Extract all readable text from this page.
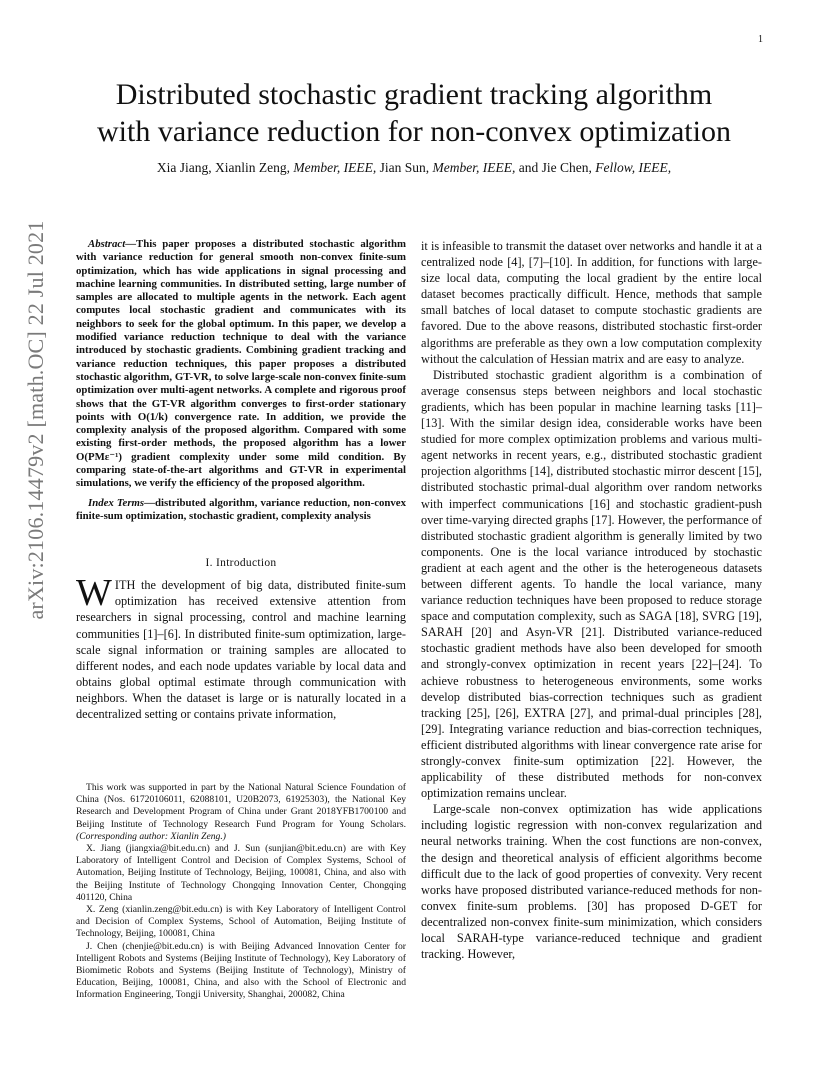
1
arXiv:2106.14479v2 [math.OC] 22 Jul 2021
Distributed stochastic gradient tracking algorithm
with variance reduction for non-convex optimization
Xia Jiang, Xianlin Zeng, Member, IEEE, Jian Sun, Member, IEEE, and Jie Chen, Fellow, IEEE,

Abstract—This paper proposes a distributed stochastic algorithm with variance reduction for general smooth non-convex finite-sum optimization, which has wide applications in signal processing and machine learning communities. In distributed setting, large number of samples are allocated to multiple agents in the network. Each agent computes local stochastic gradient and communicates with its neighbors to seek for the global optimum. In this paper, we develop a modified variance reduction technique to deal with the variance introduced by stochastic gradients. Combining gradient tracking and variance reduction techniques, this paper proposes a distributed stochastic algorithm, GT-VR, to solve large-scale non-convex finite-sum optimization over multi-agent networks. A complete and rigorous proof shows that the GT-VR algorithm converges to first-order stationary points with O(1/k) convergence rate. In addition, we provide the complexity analysis of the proposed algorithm. Compared with some existing first-order methods, the proposed algorithm has a lower O(PMε⁻¹) gradient complexity under some mild condition. By comparing state-of-the-art algorithms and GT-VR in experimental simulations, we verify the efficiency of the proposed algorithm.

Index Terms—distributed algorithm, variance reduction, non-convex finite-sum optimization, stochastic gradient, complexity analysis

I. Introduction

WITH the development of big data, distributed finite-sum optimization has received extensive attention from researchers in signal processing, control and machine learning communities [1]–[6]. In distributed finite-sum optimization, large-scale signal information or training samples are allocated to different nodes, and each node updates variable by local data and obtains global optimal estimate through communication with neighbors. When the dataset is large or is naturally located in a decentralized setting or contains private information,

This work was supported in part by the National Natural Science Foundation of China (Nos. 61720106011, 62088101, U20B2073, 61925303), the National Key Research and Development Program of China under Grant 2018YFB1700100 and Beijing Institute of Technology Research Fund Program for Young Scholars. (Corresponding author: Xianlin Zeng.)

X. Jiang (jiangxia@bit.edu.cn) and J. Sun (sunjian@bit.edu.cn) are with Key Laboratory of Intelligent Control and Decision of Complex Systems, School of Automation, Beijing Institute of Technology, Beijing, 100081, China, and also with the Beijing Institute of Technology Chongqing Innovation Center, Chongqing 401120, China

X. Zeng (xianlin.zeng@bit.edu.cn) is with Key Laboratory of Intelligent Control and Decision of Complex Systems, School of Automation, Beijing Institute of Technology, Beijing, 100081, China

J. Chen (chenjie@bit.edu.cn) is with Beijing Advanced Innovation Center for Intelligent Robots and Systems (Beijing Institute of Technology), Key Laboratory of Biomimetic Robots and Systems (Beijing Institute of Technology), Ministry of Education, Beijing, 100081, China, and also with the School of Electronic and Information Engineering, Tongji University, Shanghai, 200082, China

it is infeasible to transmit the dataset over networks and handle it at a centralized node [4], [7]–[10]. In addition, for functions with large-size local data, computing the local gradient by the entire local dataset becomes practically difficult. Hence, methods that sample small batches of local dataset to compute stochastic gradients are favored. Due to the above reasons, distributed stochastic first-order algorithms are preferable as they own a low computation complexity without the calculation of Hessian matrix and are easy to analyze.

Distributed stochastic gradient algorithm is a combination of average consensus steps between neighbors and local stochastic gradients, which has been popular in machine learning tasks [11]–[13]. With the similar design idea, considerable works have been studied for more complex optimization problems and various multi-agent networks in recent years, e.g., distributed stochastic gradient projection algorithms [14], distributed stochastic mirror descent [15], distributed stochastic primal-dual algorithm over random networks with imperfect communications [16] and stochastic gradient-push over time-varying directed graphs [17]. However, the performance of distributed stochastic gradient algorithm is generally limited by two components. One is the local variance introduced by stochastic gradient at each agent and the other is the heterogeneous datasets between different agents. To handle the local variance, many variance reduction techniques have been proposed to reduce storage space and computation complexity, such as SAGA [18], SVRG [19], SARAH [20] and Asyn-VR [21]. Distributed variance-reduced stochastic gradient methods have also been developed for smooth and strongly-convex optimization in recent years [22]–[24]. To achieve robustness to heterogeneous environments, some works develop distributed bias-correction techniques such as gradient tracking [25], [26], EXTRA [27], and primal-dual principles [28], [29]. Integrating variance reduction and bias-correction techniques, efficient distributed algorithms with linear convergence rate arise for strongly-convex finite-sum optimization [22]. However, the applicability of these distributed methods for non-convex optimization remains unclear.

Large-scale non-convex optimization has wide applications including logistic regression with non-convex regularization and neural networks training. When the cost functions are non-convex, the design and theoretical analysis of efficient algorithms become difficult due to the lack of good properties of convexity. Very recent works have proposed distributed variance-reduced methods for non-convex finite-sum problems. [30] has proposed D-GET for decentralized non-convex finite-sum minimization, which considers local SARAH-type variance-reduced technique and gradient tracking. However,
